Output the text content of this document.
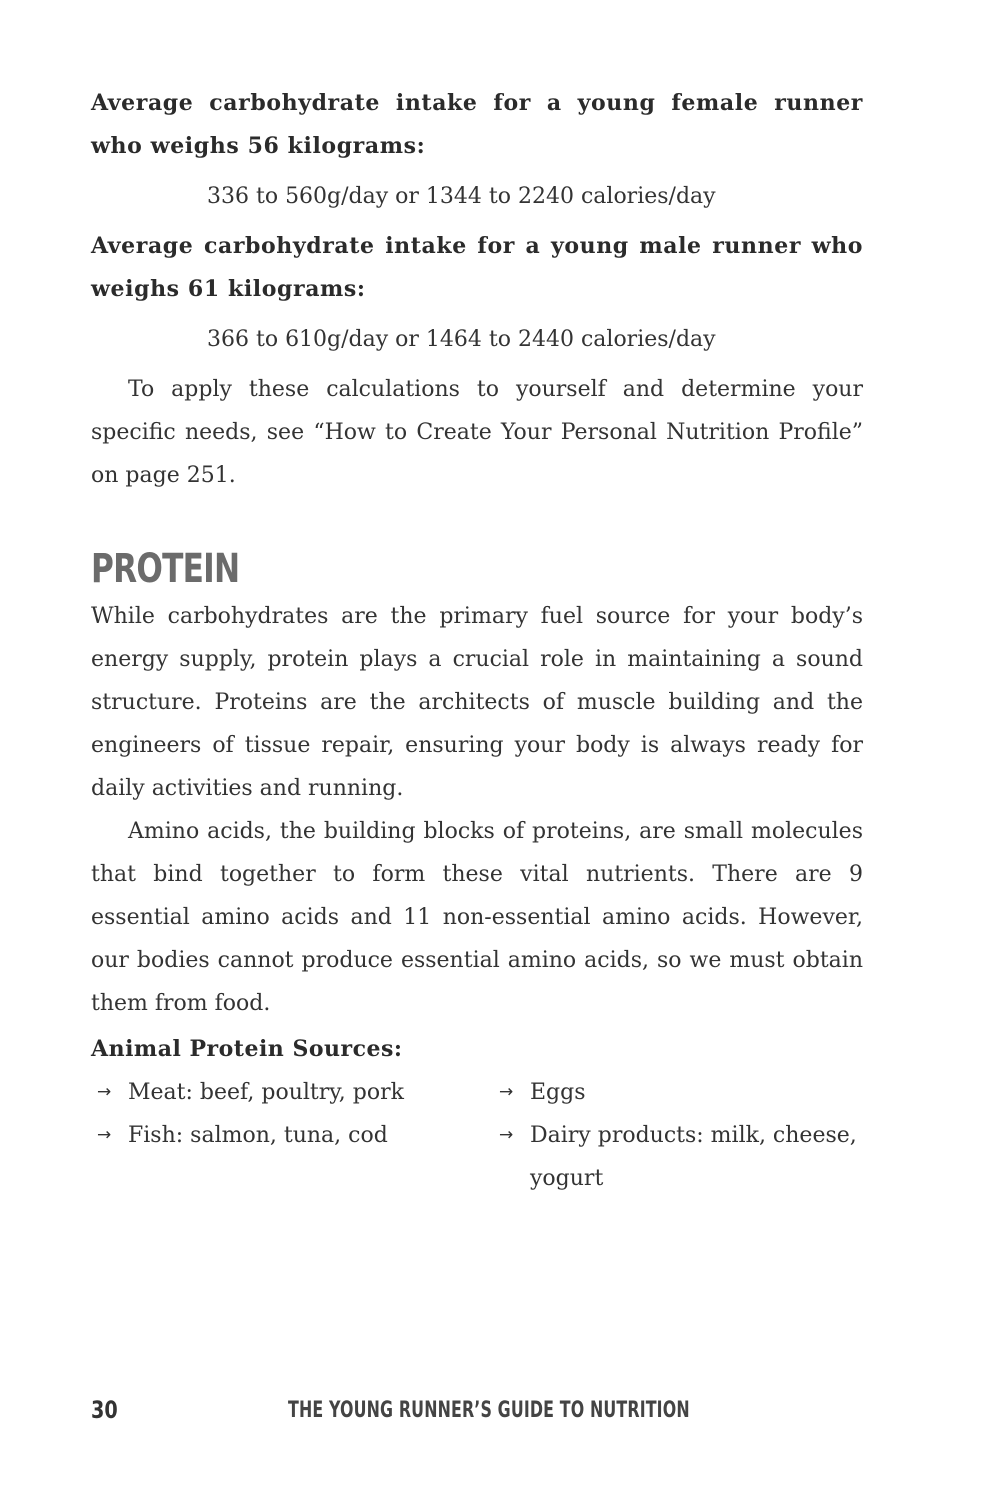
Average carbohydrate intake for a young female runner who weighs 56 kilograms:

336 to 560g/day or 1344 to 2240 calories/day

Average carbohydrate intake for a young male runner who weighs 61 kilograms:

366 to 610g/day or 1464 to 2440 calories/day

To apply these calculations to yourself and determine your specific needs, see “How to Create Your Personal Nutrition Profile” on page 251.

PROTEIN

While carbohydrates are the primary fuel source for your body’s energy supply, protein plays a crucial role in maintaining a sound structure. Proteins are the architects of muscle building and the engineers of tissue repair, ensuring your body is always ready for daily activities and running.

Amino acids, the building blocks of proteins, are small molecules that bind together to form these vital nutrients. There are 9 essential amino acids and 11 non-essential amino acids. However, our bodies cannot produce essential amino acids, so we must obtain them from food.

Animal Protein Sources:

→ Meat: beef, poultry, pork
→ Fish: salmon, tuna, cod
→ Eggs
→ Dairy products: milk, cheese, yogurt
30	THE YOUNG RUNNER’S GUIDE TO NUTRITION
